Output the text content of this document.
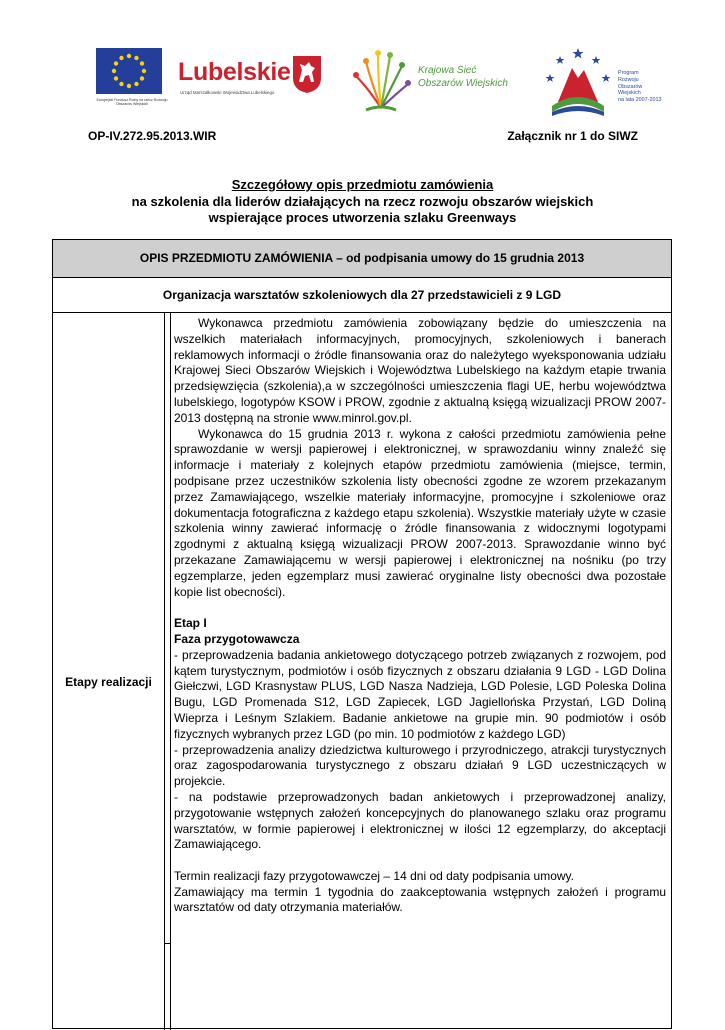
Europejski Fundusz Rolny na rzecz Rozwoju Obszarów Wiejskich
Lubelskie
Urząd Marszałkowski Województwa Lubelskiego
Krajowa Sieć
Obszarów Wiejskich
Program
Rozwoju
Obszarów
Wiejskich
na lata 2007-2013
OP-IV.272.95.2013.WIR	Załącznik nr 1 do SIWZ
Szczegółowy opis przedmiotu zamówienia
na szkolenia dla liderów działających na rzecz rozwoju obszarów wiejskich
wspierające proces utworzenia szlaku Greenways
OPIS PRZEDMIOTU ZAMÓWIENIA – od podpisania umowy do 15 grudnia 2013
Organizacja warsztatów szkoleniowych dla 27 przedstawicieli z 9 LGD
Etapy realizacji

Wykonawca przedmiotu zamówienia zobowiązany będzie do umieszczenia na wszelkich materiałach informacyjnych, promocyjnych, szkoleniowych i banerach reklamowych informacji o źródle finansowania oraz do należytego wyeksponowania udziału Krajowej Sieci Obszarów Wiejskich i Województwa Lubelskiego na każdym etapie trwania przedsięwzięcia (szkolenia),a w szczególności umieszczenia flagi UE, herbu województwa lubelskiego, logotypów KSOW i PROW, zgodnie z aktualną księgą wizualizacji PROW 2007-2013 dostępną na stronie www.minrol.gov.pl.

Wykonawca do 15 grudnia 2013 r. wykona z całości przedmiotu zamówienia pełne sprawozdanie w wersji papierowej i elektronicznej, w sprawozdaniu winny znaleźć się informacje i materiały z kolejnych etapów przedmiotu zamówienia (miejsce, termin, podpisane przez uczestników szkolenia listy obecności zgodne ze wzorem przekazanym przez Zamawiającego, wszelkie materiały informacyjne, promocyjne i szkoleniowe oraz dokumentacja fotograficzna z każdego etapu szkolenia). Wszystkie materiały użyte w czasie szkolenia winny zawierać informację o źródle finansowania z widocznymi logotypami zgodnymi z aktualną księgą wizualizacji PROW 2007-2013. Sprawozdanie winno być przekazane Zamawiającemu w wersji papierowej i elektronicznej na nośniku (po trzy egzemplarze, jeden egzemplarz musi zawierać oryginalne listy obecności dwa pozostałe kopie list obecności).

Etap I

Faza przygotowawcza

- przeprowadzenia badania ankietowego dotyczącego potrzeb związanych z rozwojem, pod kątem turystycznym, podmiotów i osób fizycznych z obszaru działania 9 LGD - LGD Dolina Giełczwi, LGD Krasnystaw PLUS, LGD Nasza Nadzieja, LGD Polesie, LGD Poleska Dolina Bugu, LGD Promenada S12, LGD Zapiecek, LGD Jagiellońska Przystań, LGD Doliną Wieprza i Leśnym Szlakiem. Badanie ankietowe na grupie min. 90 podmiotów i osób fizycznych wybranych przez LGD (po min. 10 podmiotów z każdego LGD)

- przeprowadzenia analizy dziedzictwa kulturowego i przyrodniczego, atrakcji turystycznych oraz zagospodarowania turystycznego z obszaru działań 9 LGD uczestniczących w projekcie.

- na podstawie przeprowadzonych badan ankietowych i przeprowadzonej analizy, przygotowanie wstępnych założeń koncepcyjnych do planowanego szlaku oraz programu warsztatów, w formie papierowej i elektronicznej w ilości 12 egzemplarzy, do akceptacji Zamawiającego.

Termin realizacji fazy przygotowawczej – 14 dni od daty podpisania umowy.

Zamawiający ma termin 1 tygodnia do zaakceptowania wstępnych założeń i programu warsztatów od daty otrzymania materiałów.
